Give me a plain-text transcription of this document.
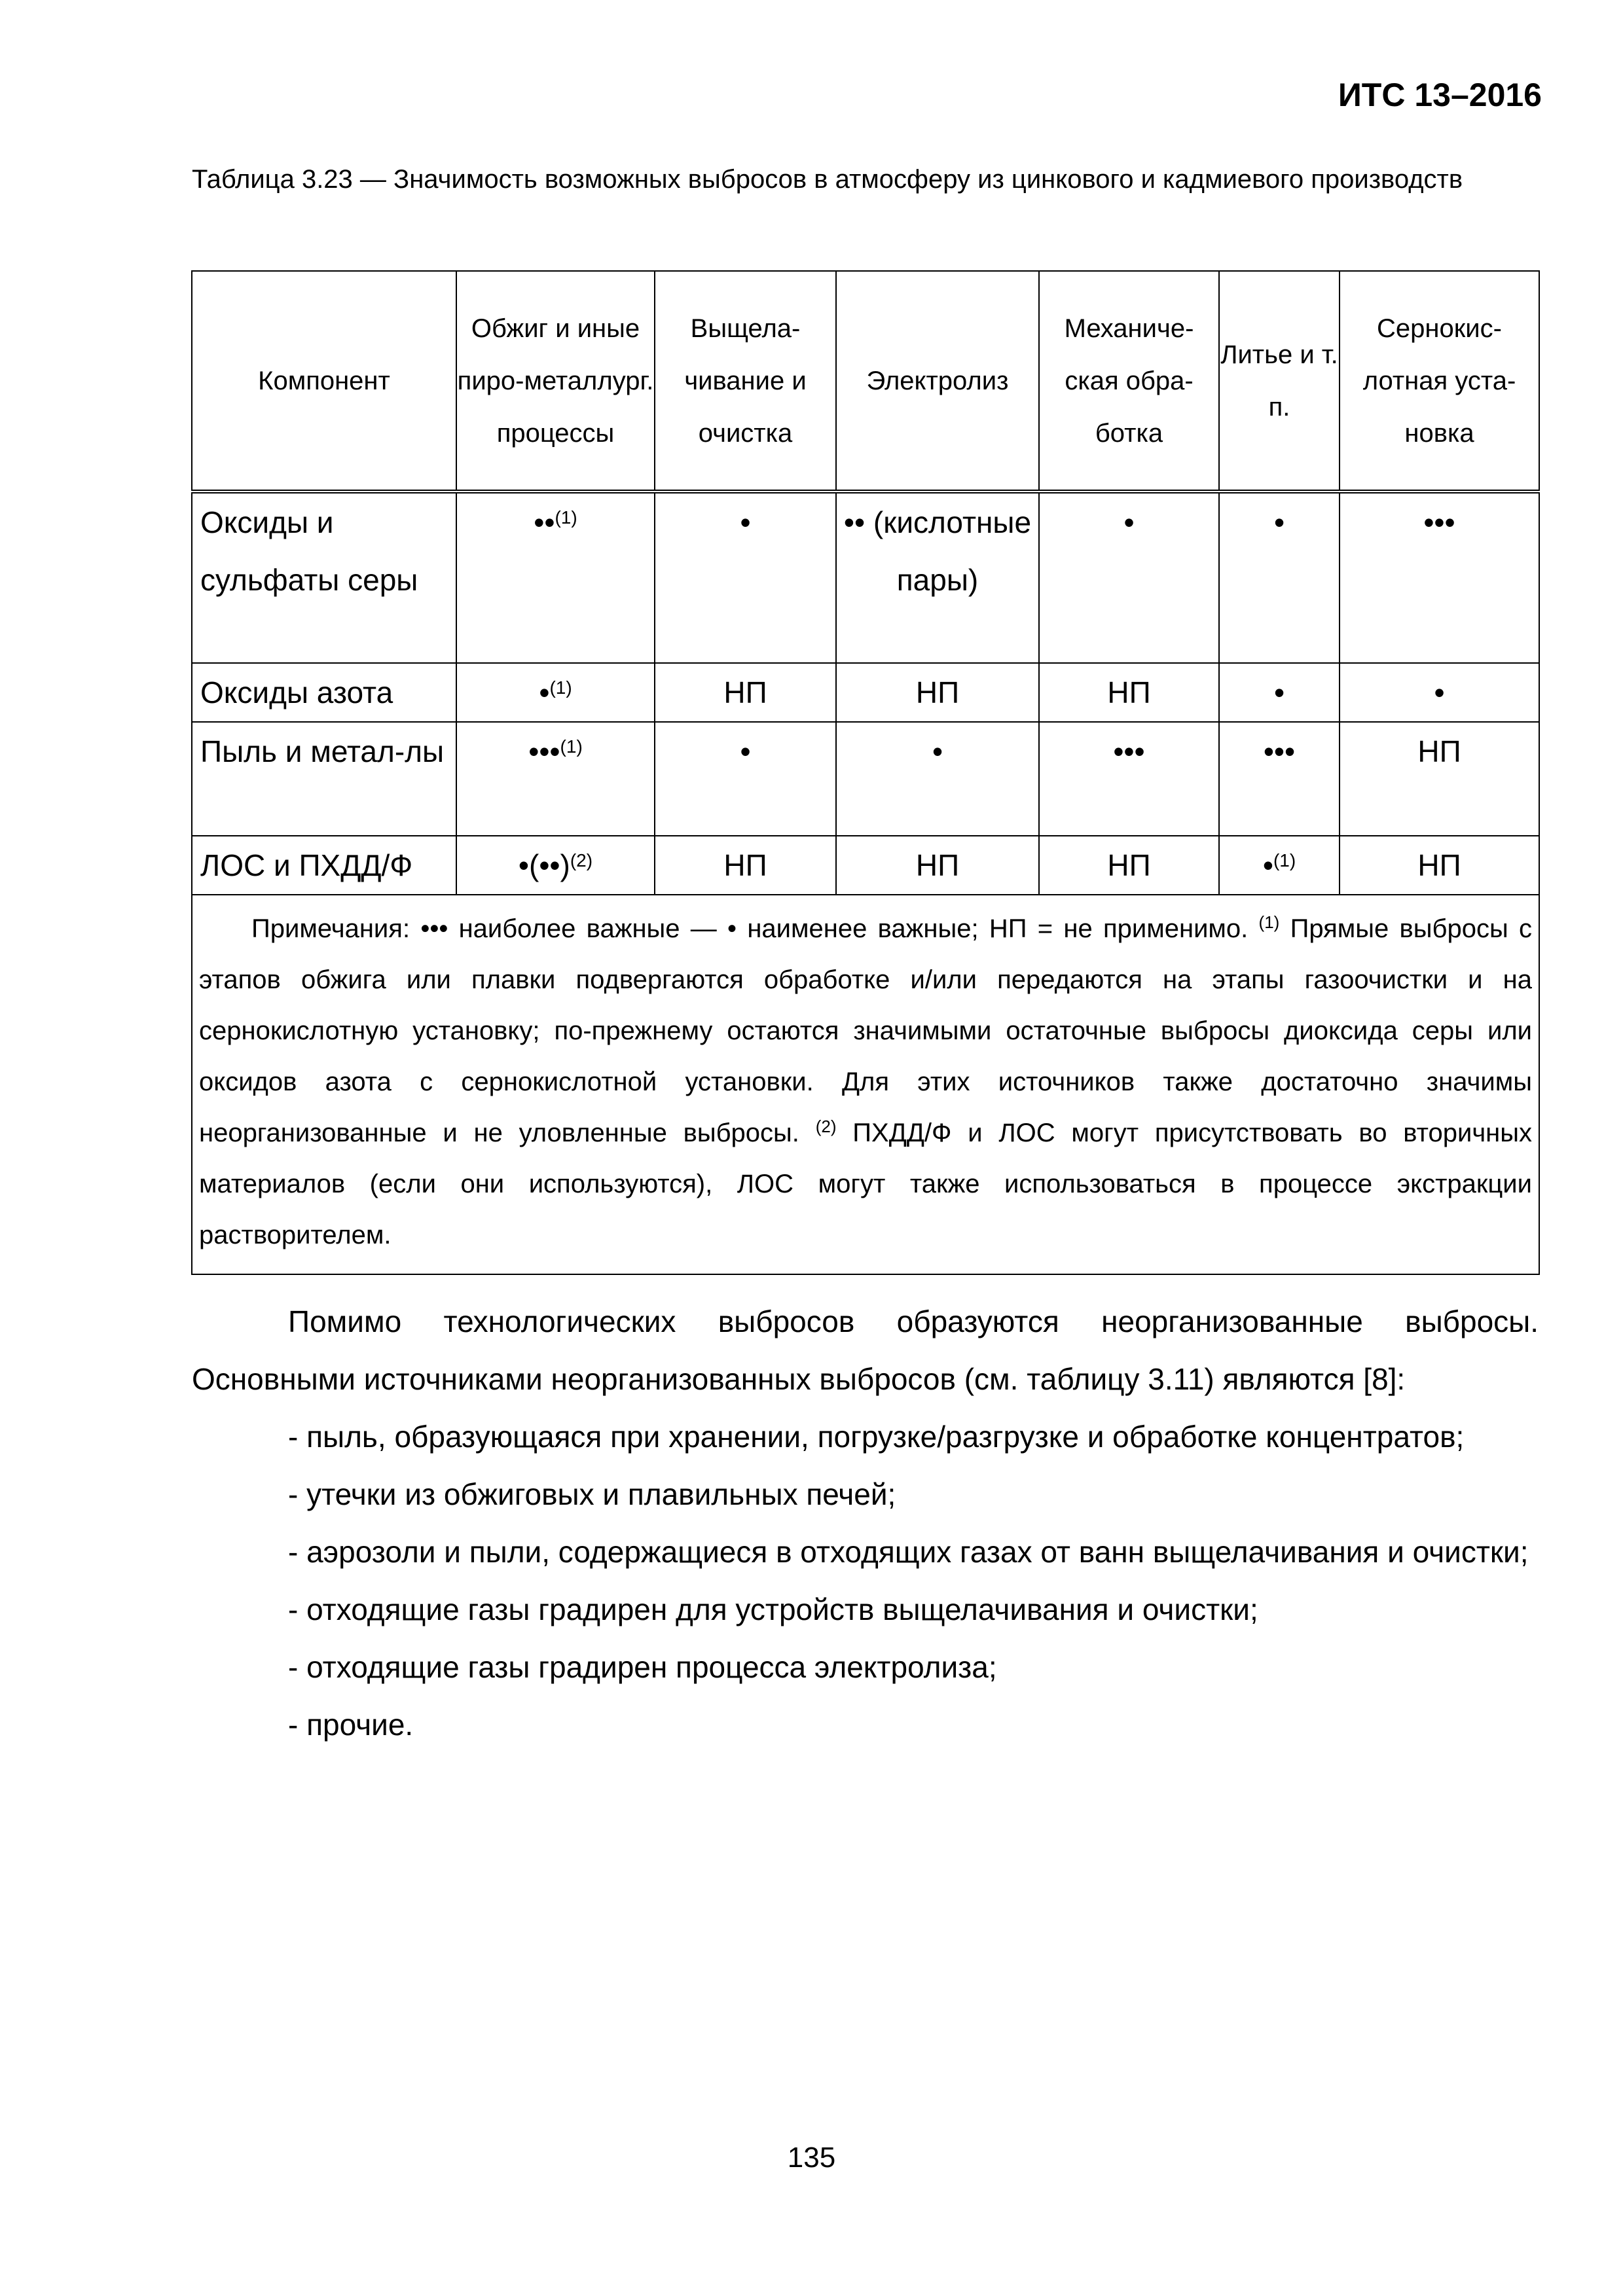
ИТС 13–2016
Таблица 3.23 — Значимость возможных выбросов в атмосферу из цинкового и кадмиевого производств
Компонент	Обжиг и иные пиро-металлург. процессы	Выщела-чивание и очистка	Электролиз	Механиче-ская обра-ботка	Литье и т. п.	Сернокис-лотная уста-новка
Оксиды и сульфаты серы	••$^{(1)}$	•	•• (кислотные пары)	•	•	•••
Оксиды азота	•$^{(1)}$	НП	НП	НП	•	•
Пыль и метал-лы	•••$^{(1)}$	•	•	•••	•••	НП
ЛОС и ПХДД/Ф	•(••)$^{(2)}$	НП	НП	НП	•$^{(1)}$	НП
Примечания: ••• наиболее важные — • наименее важные; НП = не применимо. $^{(1)}$ Прямые выбросы с этапов обжига или плавки подвергаются обработке и/или передаются на этапы газоочистки и на сернокислотную установку; по-прежнему остаются значимыми остаточные выбросы диоксида серы или оксидов азота с сернокислотной установки. Для этих источников также достаточно значимы неорганизованные и не уловленные выбросы. $^{(2)}$ ПХДД/Ф и ЛОС могут присутствовать во вторичных материалов (если они используются), ЛОС могут также использоваться в процессе экстракции растворителем.						

Помимо технологических выбросов образуются неорганизованные выбросы. Основными источниками неорганизованных выбросов (см. таблицу 3.11) являются [8]:

- пыль, образующаяся при хранении, погрузке/разгрузке и обработке концентратов;

- утечки из обжиговых и плавильных печей;

- аэрозоли и пыли, содержащиеся в отходящих газах от ванн выщелачивания и очистки;

- отходящие газы градирен для устройств выщелачивания и очистки;

- отходящие газы градирен процесса электролиза;

- прочие.

135
